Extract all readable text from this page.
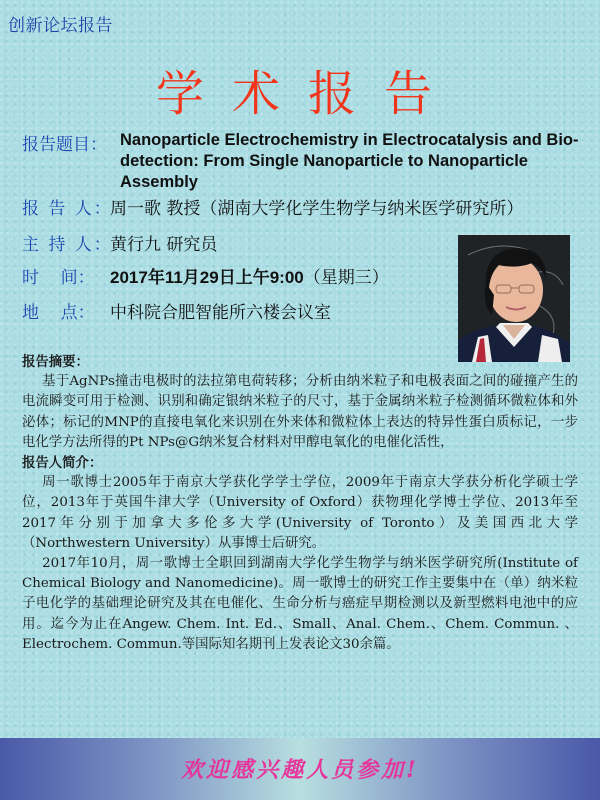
创新论坛报告
学术报告
报告题目： Nanoparticle Electrochemistry in Electrocatalysis and Bio-detection: From Single Nanoparticle to Nanoparticle Assembly
报 告 人：
周一歌 教授（湖南大学化学生物学与纳米医学研究所）
主 持 人：
黄行九 研究员
时    间： 2017年11月29日上午9:00（星期三）
地    点： 中科院合肥智能所六楼会议室
报告摘要：
基于AgNPs撞击电极时的法拉第电荷转移；分析由纳米粒子和电极表面之间的碰撞产生的电流瞬变可用于检测、识别和确定银纳米粒子的尺寸，基于金属纳米粒子检测循环微粒体和外泌体；标记的MNP的直接电氧化来识别在外来体和微粒体上表达的特异性蛋白质标记，一步电化学方法所得的Pt NPs@G纳米复合材料对甲醇电氧化的电催化活性，
报告人简介：
周一歌博士2005年于南京大学获化学学士学位，2009年于南京大学获分析化学硕士学位，2013年于英国牛津大学（University of Oxford）获物理化学博士学位、2013年至 2017年分别于加拿大多伦多大学(University of Toronto）及美国西北大学（Northwestern University）从事博士后研究。
2017年10月，周一歌博士全职回到湖南大学化学生物学与纳米医学研究所(Institute of Chemical Biology and Nanomedicine)。周一歌博士的研究工作主要集中在（单）纳米粒子电化学的基础理论研究及其在电催化、生命分析与癌症早期检测以及新型燃料电池中的应用。迄今为止在Angew. Chem. Int. Ed.、Small、Anal. Chem.、Chem. Commun. 、Electrochem. Commun.等国际知名期刊上发表论文30余篇。
欢迎感兴趣人员参加!
